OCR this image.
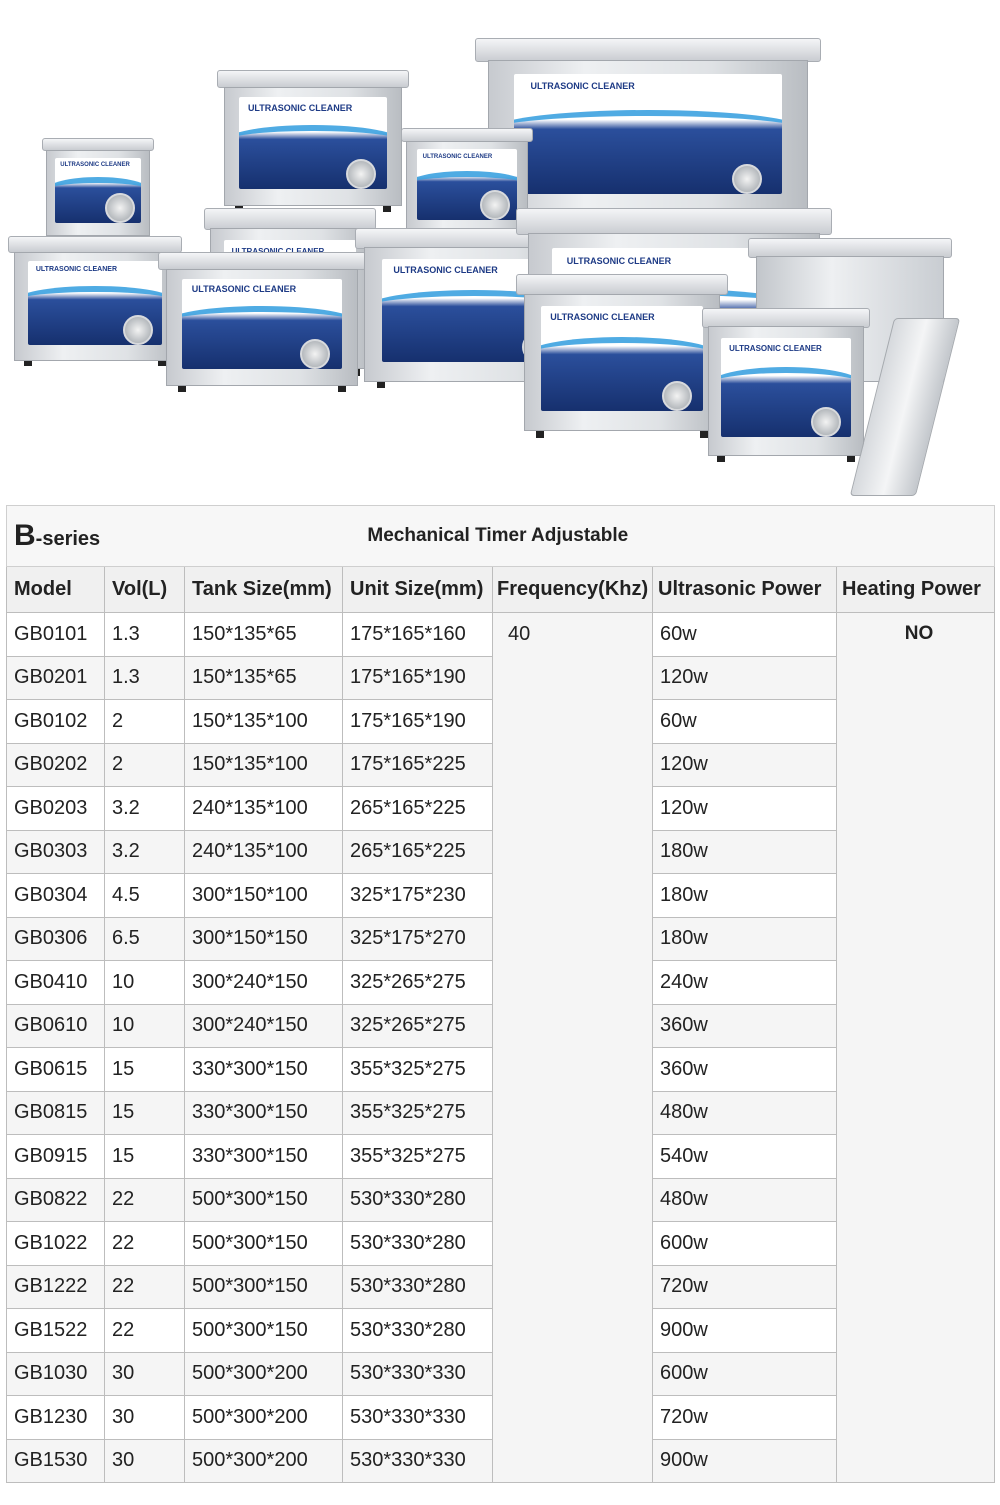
ULTRASONIC CLEANER
ULTRASONIC CLEANER
ULTRASONIC CLEANER
ULTRASONIC CLEANER
ULTRASONIC CLEANER
ULTRASONIC CLEANER
ULTRASONIC CLEANER
ULTRASONIC CLEANER
ULTRASONIC CLEANER
ULTRASONIC CLEANER
B-series		Mechanical Timer Adjustable				

Model	Vol(L)	Tank Size(mm)	Unit Size(mm)	Frequency(Khz)	Ultrasonic Power	Heating Power
GB0101	1.3	150*135*65	175*165*160	40	60w	NO

GB0201	1.3	150*135*65	175*165*190		120w	
GB0102	2	150*135*100	175*165*190		60w	
GB0202	2	150*135*100	175*165*225		120w	
GB0203	3.2	240*135*100	265*165*225		120w	
GB0303	3.2	240*135*100	265*165*225		180w	
GB0304	4.5	300*150*100	325*175*230		180w	
GB0306	6.5	300*150*150	325*175*270		180w	
GB0410	10	300*240*150	325*265*275		240w	
GB0610	10	300*240*150	325*265*275		360w	
GB0615	15	330*300*150	355*325*275		360w	
GB0815	15	330*300*150	355*325*275		480w	
GB0915	15	330*300*150	355*325*275		540w	
GB0822	22	500*300*150	530*330*280		480w	
GB1022	22	500*300*150	530*330*280		600w	
GB1222	22	500*300*150	530*330*280		720w	
GB1522	22	500*300*150	530*330*280		900w	
GB1030	30	500*300*200	530*330*330		600w	
GB1230	30	500*300*200	530*330*330		720w	
GB1530	30	500*300*200	530*330*330		900w	
